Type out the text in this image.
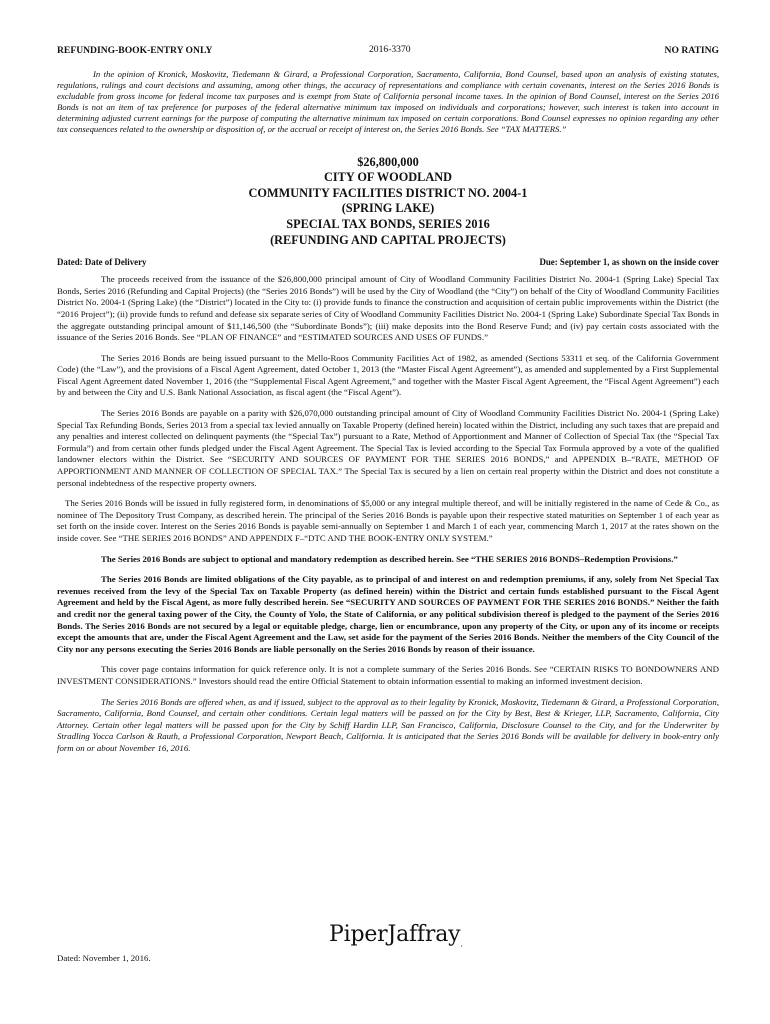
REFUNDING-BOOK-ENTRY ONLY	2016-3370	NO RATING
In the opinion of Kronick, Moskovitz, Tiedemann & Girard, a Professional Corporation, Sacramento, California, Bond Counsel, based upon an analysis of existing statutes, regulations, rulings and court decisions and assuming, among other things, the accuracy of representations and compliance with certain covenants, interest on the Series 2016 Bonds is excludable from gross income for federal income tax purposes and is exempt from State of California personal income taxes. In the opinion of Bond Counsel, interest on the Series 2016 Bonds is not an item of tax preference for purposes of the federal alternative minimum tax imposed on individuals and corporations; however, such interest is taken into account in determining adjusted current earnings for the purpose of computing the alternative minimum tax imposed on certain corporations. Bond Counsel expresses no opinion regarding any other tax consequences related to the ownership or disposition of, or the accrual or receipt of interest on, the Series 2016 Bonds. See “TAX MATTERS.”
$26,800,000
CITY OF WOODLAND
COMMUNITY FACILITIES DISTRICT NO. 2004-1
(SPRING LAKE)
SPECIAL TAX BONDS, SERIES 2016
(REFUNDING AND CAPITAL PROJECTS)
Dated: Date of Delivery	Due: September 1, as shown on the inside cover

The proceeds received from the issuance of the $26,800,000 principal amount of City of Woodland Community Facilities District No. 2004-1 (Spring Lake) Special Tax Bonds, Series 2016 (Refunding and Capital Projects) (the “Series 2016 Bonds”) will be used by the City of Woodland (the “City”) on behalf of the City of Woodland Community Facilities District No. 2004-1 (Spring Lake) (the “District”) located in the City to: (i) provide funds to finance the construction and acquisition of certain public improvements within the District (the “2016 Project”); (ii) provide funds to refund and defease six separate series of City of Woodland Community Facilities District No. 2004-1 (Spring Lake) Subordinate Special Tax Bonds in the aggregate outstanding principal amount of $11,146,500 (the “Subordinate Bonds”); (iii) make deposits into the Bond Reserve Fund; and (iv) pay certain costs associated with the issuance of the Series 2016 Bonds. See “PLAN OF FINANCE” and “ESTIMATED SOURCES AND USES OF FUNDS.”

The Series 2016 Bonds are being issued pursuant to the Mello-Roos Community Facilities Act of 1982, as amended (Sections 53311 et seq. of the California Government Code) (the “Law”), and the provisions of a Fiscal Agent Agreement, dated October 1, 2013 (the “Master Fiscal Agent Agreement”), as amended and supplemented by a First Supplemental Fiscal Agent Agreement dated November 1, 2016 (the “Supplemental Fiscal Agent Agreement,” and together with the Master Fiscal Agent Agreement, the “Fiscal Agent Agreement”) each by and between the City and U.S. Bank National Association, as fiscal agent (the “Fiscal Agent”).

The Series 2016 Bonds are payable on a parity with $26,070,000 outstanding principal amount of City of Woodland Community Facilities District No. 2004-1 (Spring Lake) Special Tax Refunding Bonds, Series 2013 from a special tax levied annually on Taxable Property (defined herein) located within the District, including any such taxes that are prepaid and any penalties and interest collected on delinquent payments (the “Special Tax”) pursuant to a Rate, Method of Apportionment and Manner of Collection of Special Tax (the “Special Tax Formula”) and from certain other funds pledged under the Fiscal Agent Agreement. The Special Tax is levied according to the Special Tax Formula approved by a vote of the qualified landowner electors within the District. See “SECURITY AND SOURCES OF PAYMENT FOR THE SERIES 2016 BONDS,” and APPENDIX B–“RATE, METHOD OF APPORTIONMENT AND MANNER OF COLLECTION OF SPECIAL TAX.” The Special Tax is secured by a lien on certain real property within the District and does not constitute a personal indebtedness of the respective property owners.

The Series 2016 Bonds will be issued in fully registered form, in denominations of $5,000 or any integral multiple thereof, and will be initially registered in the name of Cede & Co., as nominee of The Depository Trust Company, as described herein. The principal of the Series 2016 Bonds is payable upon their respective stated maturities on September 1 of each year as set forth on the inside cover. Interest on the Series 2016 Bonds is payable semi-annually on September 1 and March 1 of each year, commencing March 1, 2017 at the rates shown on the inside cover. See “THE SERIES 2016 BONDS” AND APPENDIX F–“DTC AND THE BOOK-ENTRY ONLY SYSTEM.”

The Series 2016 Bonds are subject to optional and mandatory redemption as described herein. See “THE SERIES 2016 BONDS–Redemption Provisions.”

The Series 2016 Bonds are limited obligations of the City payable, as to principal of and interest on and redemption premiums, if any, solely from Net Special Tax revenues received from the levy of the Special Tax on Taxable Property (as defined herein) within the District and certain funds established pursuant to the Fiscal Agent Agreement and held by the Fiscal Agent, as more fully described herein. See “SECURITY AND SOURCES OF PAYMENT FOR THE SERIES 2016 BONDS.” Neither the faith and credit nor the general taxing power of the City, the County of Yolo, the State of California, or any political subdivision thereof is pledged to the payment of the Series 2016 Bonds. The Series 2016 Bonds are not secured by a legal or equitable pledge, charge, lien or encumbrance, upon any property of the City, or upon any of its income or receipts except the amounts that are, under the Fiscal Agent Agreement and the Law, set aside for the payment of the Series 2016 Bonds. Neither the members of the City Council of the City nor any persons executing the Series 2016 Bonds are liable personally on the Series 2016 Bonds by reason of their issuance.

This cover page contains information for quick reference only. It is not a complete summary of the Series 2016 Bonds. See “CERTAIN RISKS TO BONDOWNERS AND INVESTMENT CONSIDERATIONS.” Investors should read the entire Official Statement to obtain information essential to making an informed investment decision.

The Series 2016 Bonds are offered when, as and if issued, subject to the approval as to their legality by Kronick, Moskovitz, Tiedemann & Girard, a Professional Corporation, Sacramento, California, Bond Counsel, and certain other conditions. Certain legal matters will be passed on for the City by Best, Best & Krieger, LLP, Sacramento, California, City Attorney. Certain other legal matters will be passed upon for the City by Schiff Hardin LLP, San Francisco, California, Disclosure Counsel to the City, and for the Underwriter by Stradling Yocca Carlson & Rauth, a Professional Corporation, Newport Beach, California. It is anticipated that the Series 2016 Bonds will be available for delivery in book-entry only form on or about November 16, 2016.

PiperJaffray$_.$
Dated: November 1, 2016.
